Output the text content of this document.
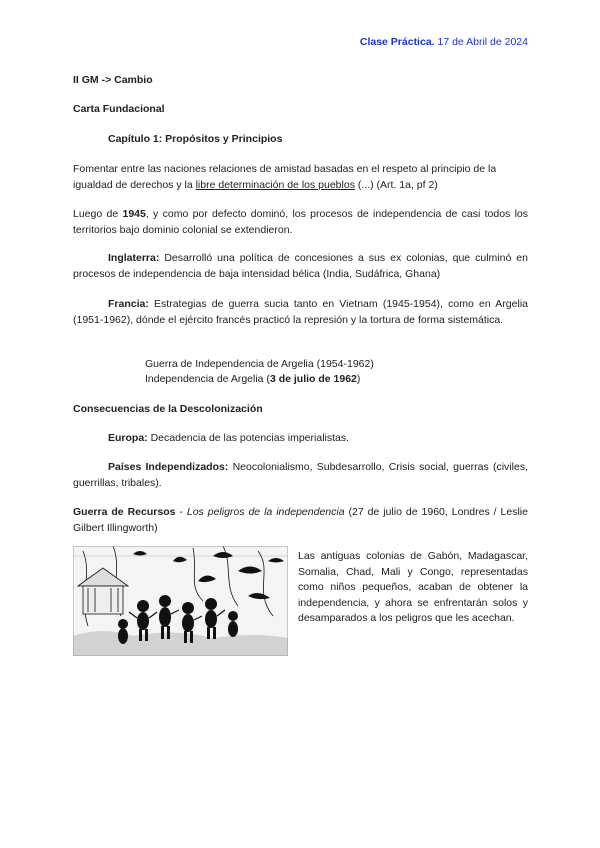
Clase Práctica. 17 de Abril de 2024
II GM -> Cambio
Carta Fundacional
Capítulo 1: Propósitos y Principios
Fomentar entre las naciones relaciones de amistad basadas en el respeto al principio de la igualdad de derechos y la libre determinación de los pueblos (...) (Art. 1a, pf 2)
Luego de 1945, y como por defecto dominó, los procesos de independencia de casi todos los territorios bajo dominio colonial se extendieron.
Inglaterra: Desarrolló una política de concesiones a sus ex colonias, que culminó en procesos de independencia de baja intensidad bélica (India, Sudáfrica, Ghana)
Francia: Estrategias de guerra sucia tanto en Vietnam (1945-1954), como en Argelia (1951-1962), dónde el ejército francés practicó la represión y la tortura de forma sistemática.
Guerra de Independencia de Argelia (1954-1962)
Independencia de Argelia (3 de julio de 1962)
Consecuencias de la Descolonización
Europa: Decadencia de las potencias imperialistas.
Países Independizados: Neocolonialismo, Subdesarrollo, Crisis social, guerras (civiles, guerrillas, tribales).
Guerra de Recursos - Los peligros de la independencia (27 de julio de 1960, Londres / Leslie Gilbert Illingworth)
Las antiguas colonias de Gabón, Madagascar, Somalia, Chad, Mali y Congo, representadas como niños pequeños, acaban de obtener la independencia, y ahora se enfrentarán solos y desamparados a los peligros que les acechan.
